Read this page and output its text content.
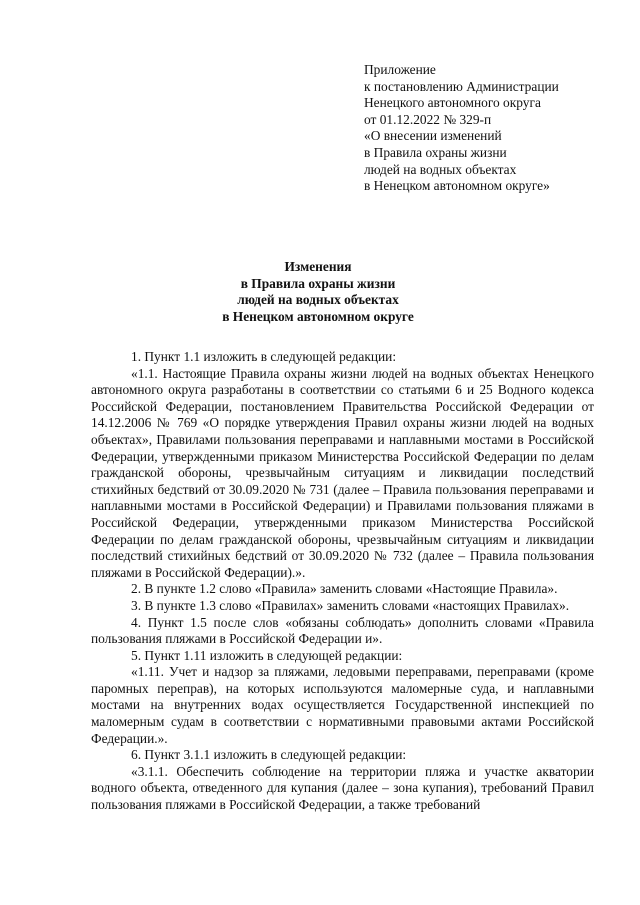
Приложение
к постановлению Администрации
Ненецкого автономного округа
от 01.12.2022 № 329-п
«О внесении изменений
в Правила охраны жизни
людей на водных объектах
в Ненецком автономном округе»
Изменения
в Правила охраны жизни
людей на водных объектах
в Ненецком автономном округе

1. Пункт 1.1 изложить в следующей редакции:

«1.1. Настоящие Правила охраны жизни людей на водных объектах Ненецкого автономного округа разработаны в соответствии со статьями 6 и 25 Водного кодекса Российской Федерации, постановлением Правительства Российской Федерации от 14.12.2006 № 769 «О порядке утверждения Правил охраны жизни людей на водных объектах», Правилами пользования переправами и наплавными мостами в Российской Федерации, утвержденными приказом Министерства Российской Федерации по делам гражданской обороны, чрезвычайным ситуациям и ликвидации последствий стихийных бедствий от 30.09.2020 № 731 (далее – Правила пользования переправами и наплавными мостами в Российской Федерации) и Правилами пользования пляжами в Российской Федерации, утвержденными приказом Министерства Российской Федерации по делам гражданской обороны, чрезвычайным ситуациям и ликвидации последствий стихийных бедствий от 30.09.2020 № 732 (далее – Правила пользования пляжами в Российской Федерации).».

2. В пункте 1.2 слово «Правила» заменить словами «Настоящие Правила».

3. В пункте 1.3 слово «Правилах» заменить словами «настоящих Правилах».

4. Пункт 1.5 после слов «обязаны соблюдать» дополнить словами «Правила пользования пляжами в Российской Федерации и».

5. Пункт 1.11 изложить в следующей редакции:

«1.11. Учет и надзор за пляжами, ледовыми переправами, переправами (кроме паромных переправ), на которых используются маломерные суда, и наплавными мостами на внутренних водах осуществляется Государственной инспекцией по маломерным судам в соответствии с нормативными правовыми актами Российской Федерации.».

6. Пункт 3.1.1 изложить в следующей редакции:

«3.1.1. Обеспечить соблюдение на территории пляжа и участке акватории водного объекта, отведенного для купания (далее – зона купания), требований Правил пользования пляжами в Российской Федерации, а также требований
